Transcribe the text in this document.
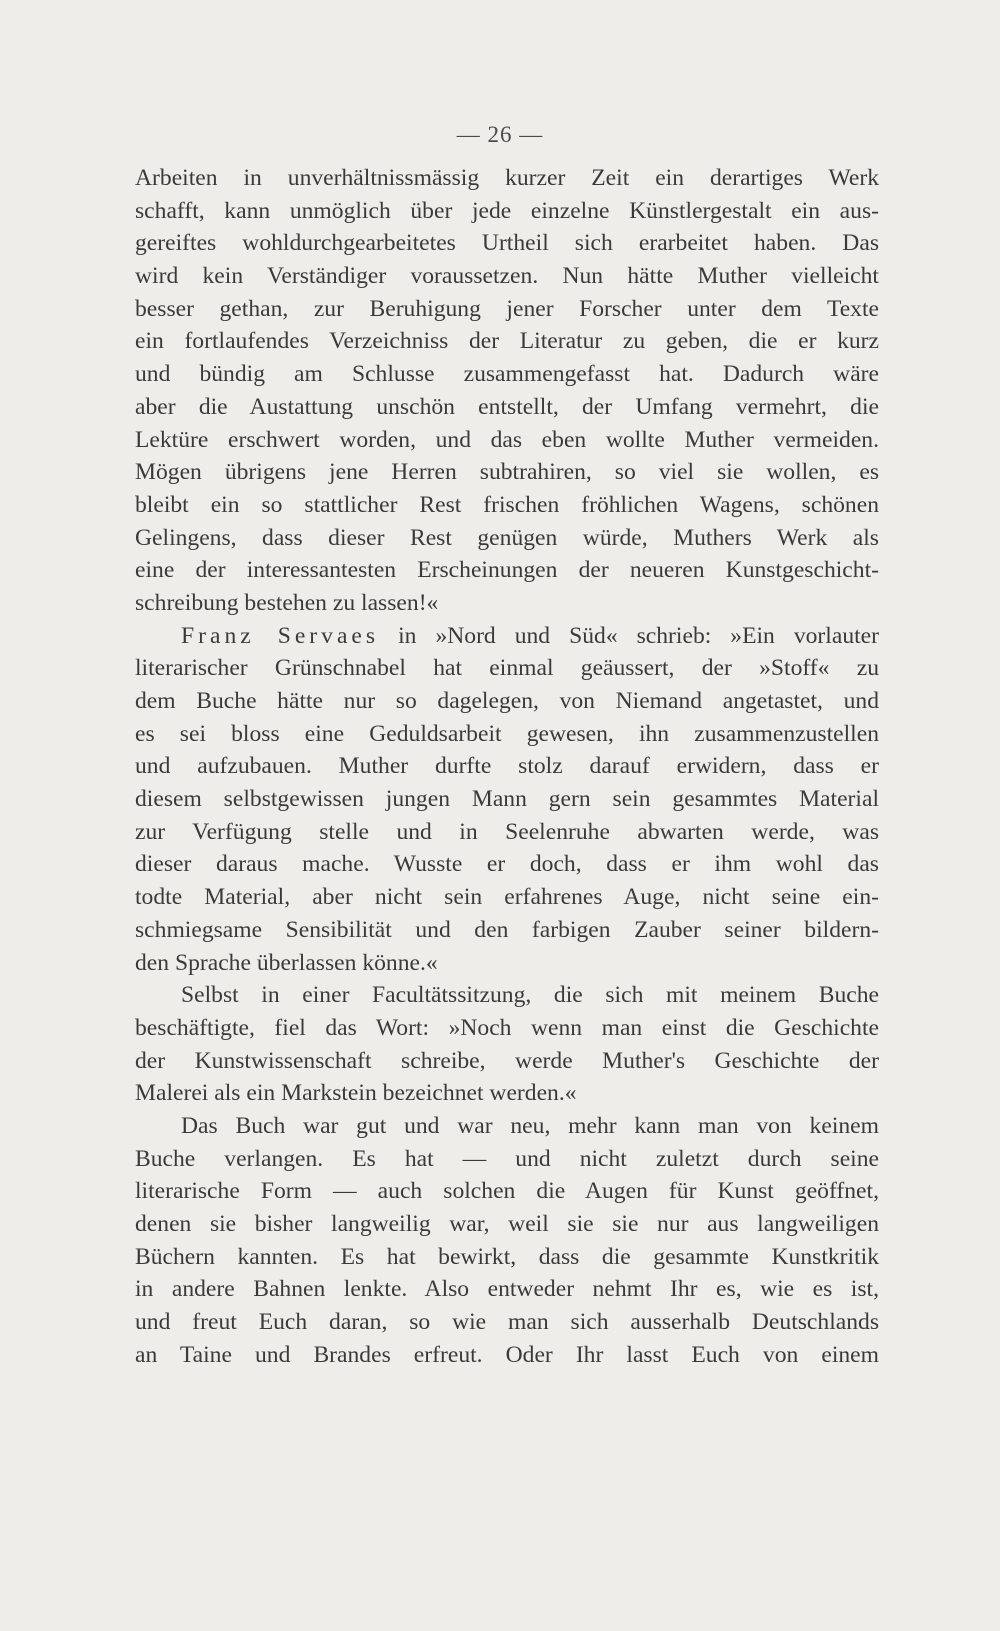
— 26 —
Arbeiten in unverhältnissmässig kurzer Zeit ein derartiges Werk
schafft, kann unmöglich über jede einzelne Künstlergestalt ein aus-
gereiftes wohldurchgearbeitetes Urtheil sich erarbeitet haben. Das
wird kein Verständiger voraussetzen. Nun hätte Muther vielleicht
besser gethan, zur Beruhigung jener Forscher unter dem Texte
ein fortlaufendes Verzeichniss der Literatur zu geben, die er kurz
und bündig am Schlusse zusammengefasst hat. Dadurch wäre
aber die Austattung unschön entstellt, der Umfang vermehrt, die
Lektüre erschwert worden, und das eben wollte Muther vermeiden.
Mögen übrigens jene Herren subtrahiren, so viel sie wollen, es
bleibt ein so stattlicher Rest frischen fröhlichen Wagens, schönen
Gelingens, dass dieser Rest genügen würde, Muthers Werk als
eine der interessantesten Erscheinungen der neueren Kunstgeschicht-
schreibung bestehen zu lassen!«
Franz Servaes in »Nord und Süd« schrieb: »Ein vorlauter
literarischer Grünschnabel hat einmal geäussert, der »Stoff« zu
dem Buche hätte nur so dagelegen, von Niemand angetastet, und
es sei bloss eine Geduldsarbeit gewesen, ihn zusammenzustellen
und aufzubauen. Muther durfte stolz darauf erwidern, dass er
diesem selbstgewissen jungen Mann gern sein gesammtes Material
zur Verfügung stelle und in Seelenruhe abwarten werde, was
dieser daraus mache. Wusste er doch, dass er ihm wohl das
todte Material, aber nicht sein erfahrenes Auge, nicht seine ein-
schmiegsame Sensibilität und den farbigen Zauber seiner bildern-
den Sprache überlassen könne.«
Selbst in einer Facultätssitzung, die sich mit meinem Buche
beschäftigte, fiel das Wort: »Noch wenn man einst die Geschichte
der Kunstwissenschaft schreibe, werde Muther's Geschichte der
Malerei als ein Markstein bezeichnet werden.«
Das Buch war gut und war neu, mehr kann man von keinem
Buche verlangen. Es hat — und nicht zuletzt durch seine
literarische Form — auch solchen die Augen für Kunst geöffnet,
denen sie bisher langweilig war, weil sie sie nur aus langweiligen
Büchern kannten. Es hat bewirkt, dass die gesammte Kunstkritik
in andere Bahnen lenkte. Also entweder nehmt Ihr es, wie es ist,
und freut Euch daran, so wie man sich ausserhalb Deutschlands
an Taine und Brandes erfreut. Oder Ihr lasst Euch von einem
